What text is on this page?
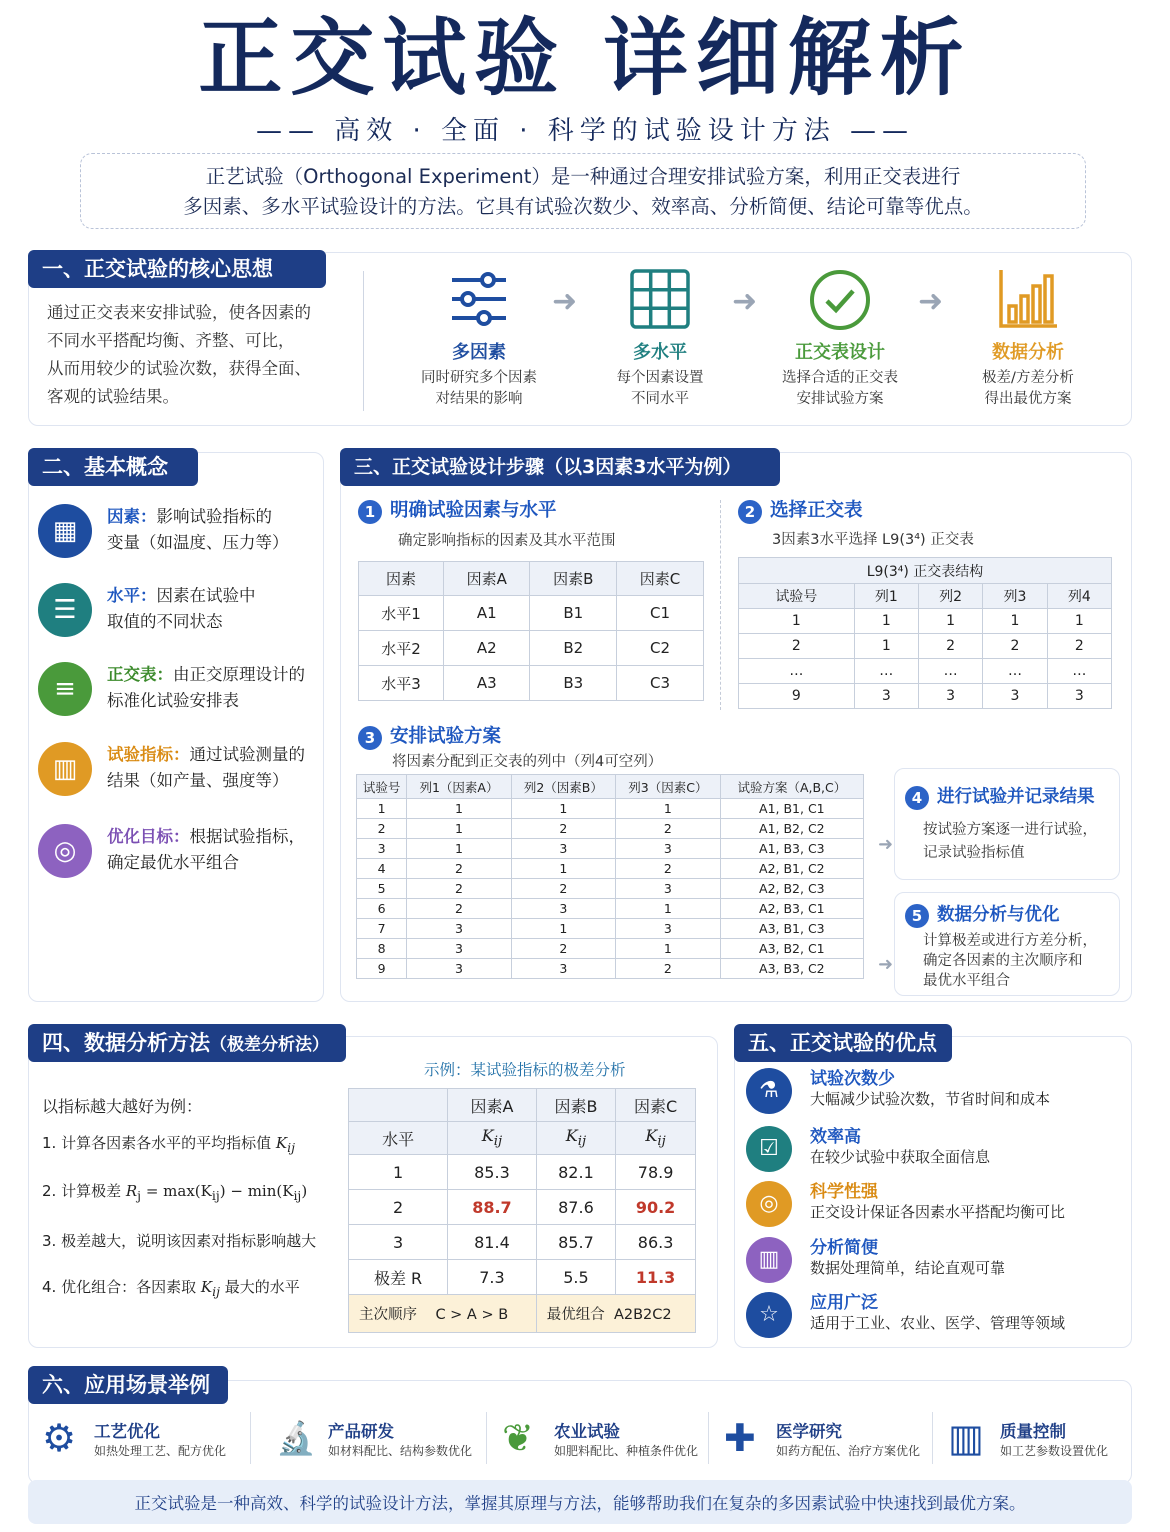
正交试验 详细解析
—— 高效 · 全面 · 科学的试验设计方法 ——
正艺试验（Orthogonal Experiment）是一种通过合理安排试验方案，利用正交表进行
多因素、多水平试验设计的方法。它具有试验次数少、效率高、分析简便、结论可靠等优点。
通过正交表来安排试验，使各因素的
不同水平搭配均衡、齐整、可比，
从而用较少的试验次数，获得全面、
客观的试验结果。
一、正交试验的核心思想
多因素
同时研究多个因素
对结果的影响
➜
多水平
每个因素设置
不同水平
➜
正交表设计
选择合适的正交表
安排试验方案
➜
数据分析
极差/方差分析
得出最优方案
二、基本概念
▦	因素：影响试验指标的
变量（如温度、压力等）
☰	水平：因素在试验中
取值的不同状态
≡	正交表：由正交原理设计的
标准化试验安排表
▥	试验指标：通过试验测量的
结果（如产量、强度等）
◎	优化目标：根据试验指标，
确定最优水平组合
三、正交试验设计步骤（以3因素3水平为例）
1 明确试验因素与水平
确定影响指标的因素及其水平范围
因素	因素A	因素B	因素C
水平1	A1	B1	C1
水平2	A2	B2	C2
水平3	A3	B3	C3
2 选择正交表
3因素3水平选择 L9(3⁴) 正交表
L9(3⁴) 正交表结构				
试验号	列1	列2	列3	列4
1	1	1	1	1
2	1	2	2	2
…	…	…	…	…
9	3	3	3	3
3 安排试验方案
将因素分配到正交表的列中（列4可空列）
试验号	列1（因素A）	列2（因素B）	列3（因素C）	试验方案（A,B,C）
1	1	1	1	A1, B1, C1
2	1	2	2	A1, B2, C2
3	1	3	3	A1, B3, C3
4	2	1	2	A2, B1, C2
5	2	2	3	A2, B2, C3
6	2	3	1	A2, B3, C1
7	3	1	3	A3, B1, C3
8	3	2	1	A3, B2, C1
9	3	3	2	A3, B3, C2
4 进行试验并记录结果
按试验方案逐一进行试验，
记录试验指标值
➜
5 数据分析与优化
计算极差或进行方差分析，
确定各因素的主次顺序和
最优水平组合
➜
四、数据分析方法（极差分析法）
示例：某试验指标的极差分析
以指标越大越好为例：
1. 计算各因素各水平的平均指标值 $K_{ij}$
2. 计算极差 $R_j = \max(K_{ij}) - \min(K_{ij})$
3. 极差越大，说明该因素对指标影响越大
4. 优化组合：各因素取 $K_{ij}$ 最大的水平
	因素A	因素B	因素C
水平	$K_{ij}$	$K_{ij}$	$K_{ij}$
1	85.3	82.1	78.9
2	88.7	87.6	90.2
3	81.4	85.7	86.3
极差 R	7.3	5.5	11.3
主次顺序 C > A > B		最优组合 A2B2C2	
五、正交试验的优点
⚗	试验次数少
大幅减少试验次数，节省时间和成本
☑	效率高
在较少试验中获取全面信息
◎	科学性强
正交设计保证各因素水平搭配均衡可比
▥	分析简便
数据处理简单，结论直观可靠
☆	应用广泛
适用于工业、农业、医学、管理等领域
六、应用场景举例
⚙ 工艺优化
如热处理工艺、配方优化 🔬 产品研发
如材料配比、结构参数优化 ❦ 农业试验
如肥料配比、种植条件优化 ✚ 医学研究
如药方配伍、治疗方案优化 ▥ 质量控制
如工艺参数设置优化
正交试验是一种高效、科学的试验设计方法，掌握其原理与方法，能够帮助我们在复杂的多因素试验中快速找到最优方案。
